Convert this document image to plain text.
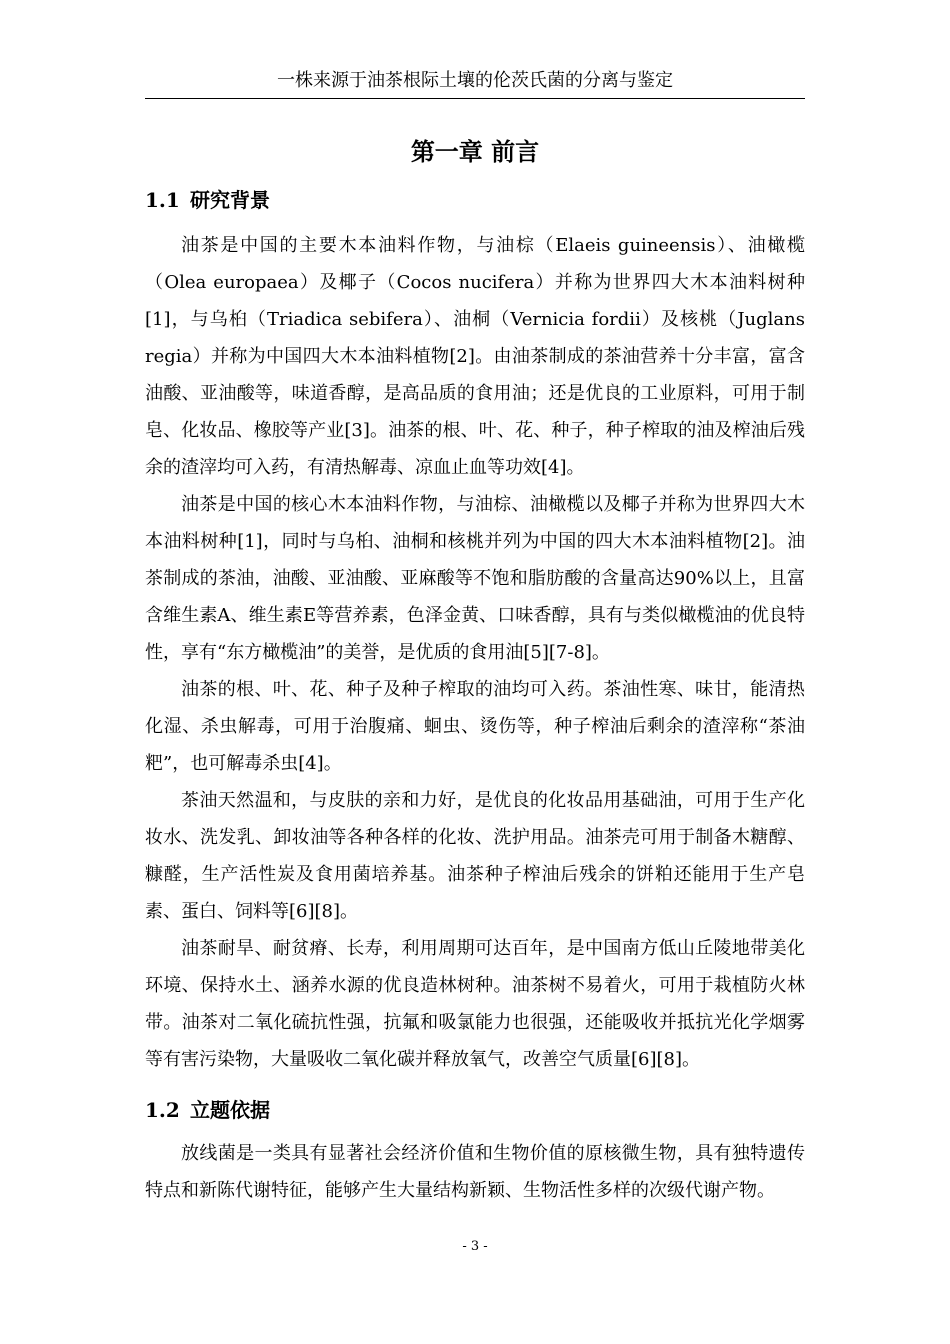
一株来源于油茶根际土壤的伦茨氏菌的分离与鉴定
第一章 前言
1.1 研究背景

油茶是中国的主要木本油料作物，与油棕（Elaeis guineensis）、油橄榄（Olea europaea）及椰子（Cocos nucifera）并称为世界四大木本油料树种[1]，与乌桕（Triadica sebifera）、油桐（Vernicia fordii）及核桃（Juglans regia）并称为中国四大木本油料植物[2]。由油茶制成的茶油营养十分丰富，富含油酸、亚油酸等，味道香醇，是高品质的食用油；还是优良的工业原料，可用于制皂、化妆品、橡胶等产业[3]。油茶的根、叶、花、种子，种子榨取的油及榨油后残余的渣滓均可入药，有清热解毒、凉血止血等功效[4]。

油茶是中国的核心木本油料作物，与油棕、油橄榄以及椰子并称为世界四大木本油料树种[1]，同时与乌桕、油桐和核桃并列为中国的四大木本油料植物[2]。油茶制成的茶油，油酸、亚油酸、亚麻酸等不饱和脂肪酸的含量高达90%以上，且富含维生素A、维生素E等营养素，色泽金黄、口味香醇，具有与类似橄榄油的优良特性，享有“东方橄榄油”的美誉，是优质的食用油[5][7-8]。

油茶的根、叶、花、种子及种子榨取的油均可入药。茶油性寒、味甘，能清热化湿、杀虫解毒，可用于治腹痛、蛔虫、烫伤等，种子榨油后剩余的渣滓称“茶油粑”，也可解毒杀虫[4]。

茶油天然温和，与皮肤的亲和力好，是优良的化妆品用基础油，可用于生产化妆水、洗发乳、卸妆油等各种各样的化妆、洗护用品。油茶壳可用于制备木糖醇、糠醛，生产活性炭及食用菌培养基。油茶种子榨油后残余的饼粕还能用于生产皂素、蛋白、饲料等[6][8]。

油茶耐旱、耐贫瘠、长寿，利用周期可达百年，是中国南方低山丘陵地带美化环境、保持水土、涵养水源的优良造林树种。油茶树不易着火，可用于栽植防火林带。油茶对二氧化硫抗性强，抗氟和吸氯能力也很强，还能吸收并抵抗光化学烟雾等有害污染物，大量吸收二氧化碳并释放氧气，改善空气质量[6][8]。

1.2 立题依据

放线菌是一类具有显著社会经济价值和生物价值的原核微生物，具有独特遗传特点和新陈代谢特征，能够产生大量结构新颖、生物活性多样的次级代谢产物。

- 3 -
